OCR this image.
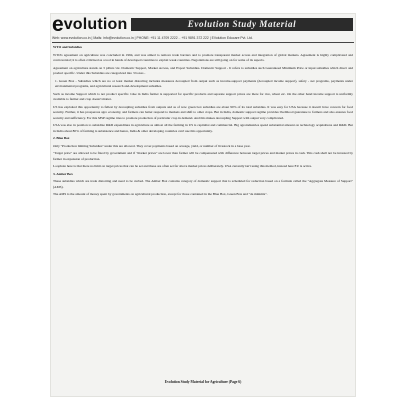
e volution	Evolution Study Material
Web: www.evolution.co.in | Mails: info@evolution.co.in | PHONE: +91 11 4709 2222 .. +91 9891 372 222 | EVolution Educare Pvt. Ltd.

WTO and Subsidies

WTO's agreement on agriculture was concluded in 1994, and was aimed to remove trade barriers and to promote transparent market access and integration of global markets. Agreement is highly complicated and controversial; it is often criticised as a tool in hands of developed countries to exploit weak countries. Negotiations are still going on for some of its aspects.

Agreement on agriculture stands on 3 pillars viz. Domestic Support, Market Access, and Export Subsidies. Domestic Support - It refers to subsidies such Guaranteed Minimum Price or input subsidies which direct and product specific. Under this Subsidies are categorized into 3 boxes -

1. Green Box - Subsidies which are no or least market distorting includes measures decoupled from output such as income-support payments (decoupled income support), safety - net programs, payments under environmental programs, and agricultural research and-development subsidies.

Such as income Support which is not product specific. Like in India farmer is supported for specific products and separate support prices are there for rice, wheat etc. On the other hand income support is uniformly available to farmer and crop doesn't matter.

US has exploited this opportunity to fullest by decoupling subsidies from outputs and as of now green box subsidies are about 90% of its total subsidies. It was easy for USA because it doesn't have concern for food security. Further, it has prosperous agro economy, and farmers can better respond to markets and shift to other crops. But in India, domestic support regime provides livelihood guarantee to farmers and also ensures food security and sufficiency. For this MSP regime tries to promote production of particular crop in demand. And this makes decoupling Support with output very complicated.

USA was also in position to subsidize R&D expenditure in agriculture as almost all the farming in US is capitalist and commercial. Big agroindustries spend substantial amount on technology acquisitions and R&D. But in India about 80% of farming is subsistence and hence, India & other developing countries can't use this opportunity.

2. Blue Box

Only "Production limiting Subsidies" under this are allowed. They cover payments based on acreage, yield, or number of livestock in a base year.

"Target price" are allowed to be fixed by government and if "market prices" are lower than farmer will be compensated with difference between target prices and market prices in cash. This cash shall not be invested by farmer in expansion of production.

Loophole here is that there no limit on target prices that can be set and these are often set far above market prices deliberately. USA currently isn't using this method, instead here EU is active.

3. Amber Box

These subsidies which are trade distorting and need to be curbed. The Amber Box contains category of domestic support that is scheduled for reduction based on a formula called the "Aggregate Measure of Support" (AMS).

The AMS is the amount of money spent by governments on agricultural production, except for those contained in the Blue Box, Green Box and "de minimis".

Evolution Study Material for Agriculture (Page 6)
